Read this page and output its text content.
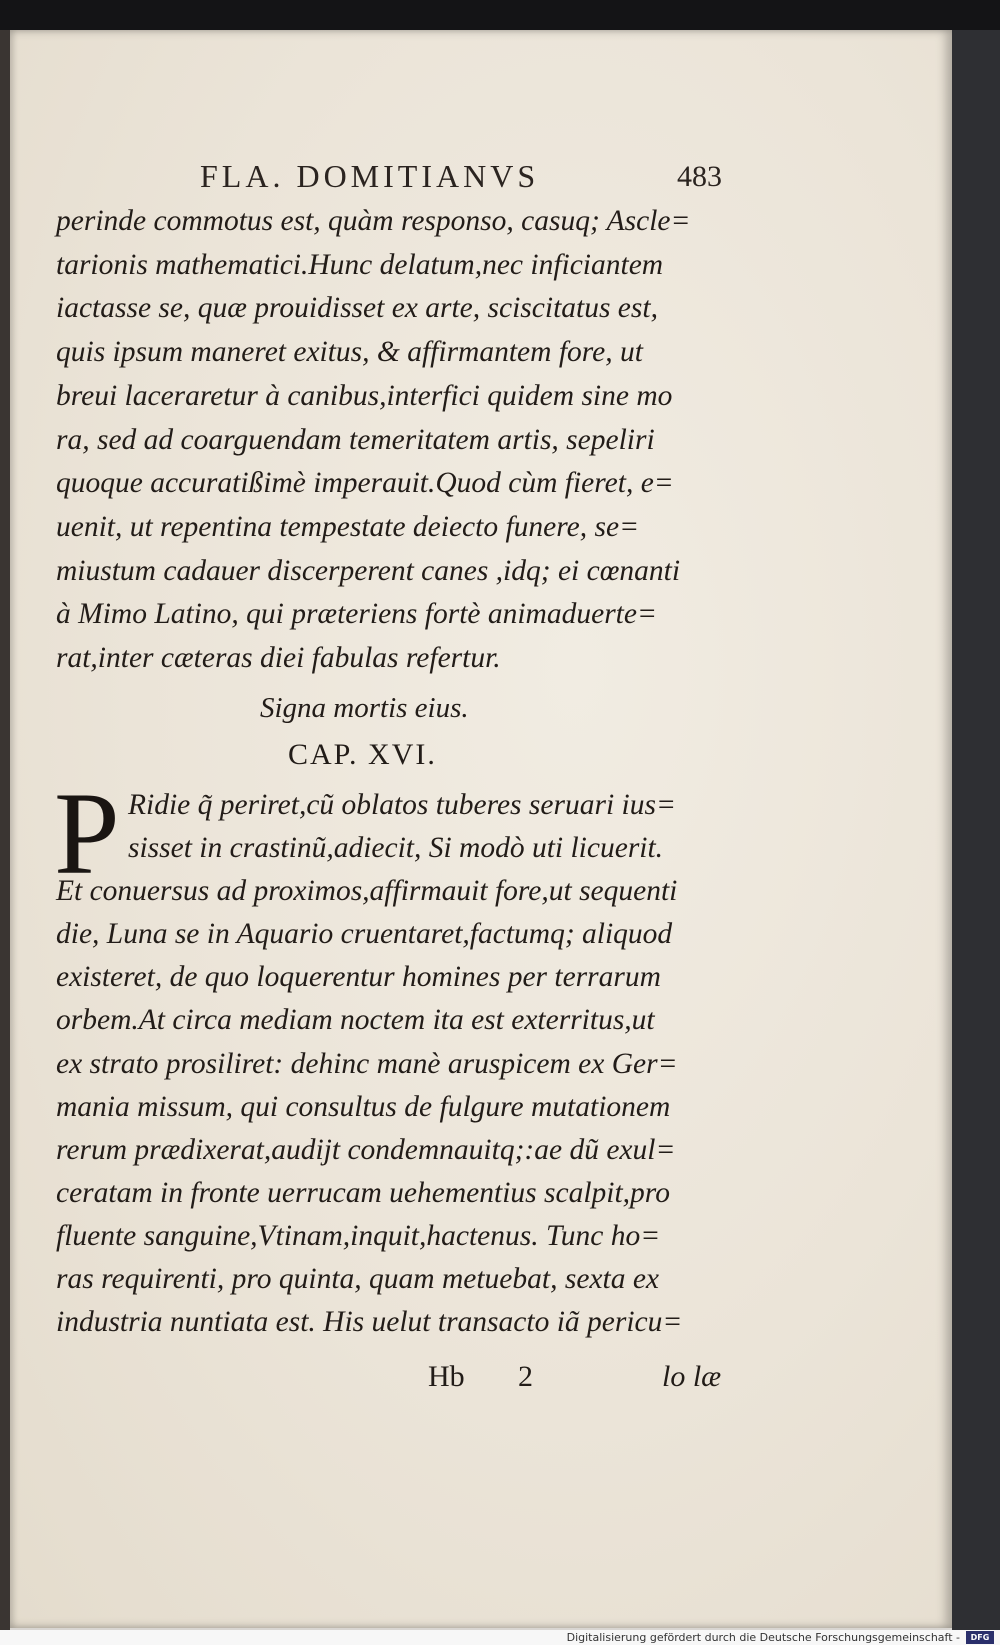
FLA. DOMITIANVS	483
perinde commotus est, quàm responso, casuq; Ascle=
tarionis mathematici.Hunc delatum,nec inficiantem
iactasse se, quæ prouidisset ex arte, sciscitatus est,
quis ipsum maneret exitus, & affirmantem fore, ut
breui laceraretur à canibus,interfici quidem sine mo
ra, sed ad coarguendam temeritatem artis, sepeliri
quoque accuratißimè imperauit.Quod cùm fieret, e=
uenit, ut repentina tempestate deiecto funere, se=
miustum cadauer discerperent canes ,idq; ei cœnanti
à Mimo Latino, qui præteriens fortè animaduerte=
rat,inter cæteras diei fabulas refertur.
Signa mortis eius.
CAP. XVI.
P Ridie q̃ periret,cũ oblatos tuberes seruari ius=
sisset in crastinũ,adiecit, Si modò uti licuerit.
Et conuersus ad proximos,affirmauit fore,ut sequenti
die, Luna se in Aquario cruentaret,factumq; aliquod
existeret, de quo loquerentur homines per terrarum
orbem.At circa mediam noctem ita est exterritus,ut
ex strato prosiliret: dehinc manè aruspicem ex Ger=
mania missum, qui consultus de fulgure mutationem
rerum prædixerat,audijt condemnauitq;:ae dũ exul=
ceratam in fronte uerrucam uehementius scalpit,pro
fluente sanguine,Vtinam,inquit,hactenus. Tunc ho=
ras requirenti, pro quinta, quam metuebat, sexta ex
industria nuntiata est. His uelut transacto iã pericu=
Hb 2	lo læ
Digitalisierung gefördert durch die Deutsche Forschungsgemeinschaft -	DFG
